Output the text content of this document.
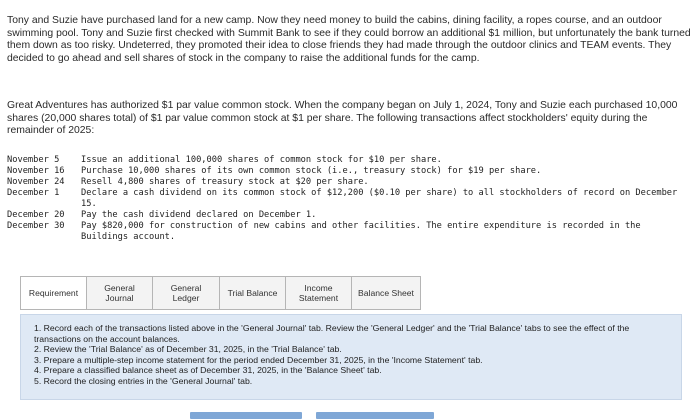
Tony and Suzie have purchased land for a new camp. Now they need money to build the cabins, dining facility, a ropes course, and an outdoor swimming pool. Tony and Suzie first checked with Summit Bank to see if they could borrow an additional $1 million, but unfortunately the bank turned them down as too risky. Undeterred, they promoted their idea to close friends they had made through the outdoor clinics and TEAM events. They decided to go ahead and sell shares of stock in the company to raise the additional funds for the camp.
Great Adventures has authorized $1 par value common stock. When the company began on July 1, 2024, Tony and Suzie each purchased 10,000 shares (20,000 shares total) of $1 par value common stock at $1 per share. The following transactions affect stockholders' equity during the remainder of 2025:
November 5 Issue an additional 100,000 shares of common stock for $10 per share.
November 16 Purchase 10,000 shares of its own common stock (i.e., treasury stock) for $19 per share.
November 24 Resell 4,800 shares of treasury stock at $20 per share.
December 1 Declare a cash dividend on its common stock of $12,200 ($0.10 per share) to all stockholders of record on December 15.
December 20 Pay the cash dividend declared on December 1.
December 30 Pay $820,000 for construction of new cabins and other facilities. The entire expenditure is recorded in the Buildings account.
Requirement	General
Journal
General
Ledger	Trial Balance	Income
Statement Balance Sheet

1. Record each of the transactions listed above in the 'General Journal' tab. Review the 'General Ledger' and the 'Trial Balance' tabs to see the effect of the transactions on the account balances.

2. Review the 'Trial Balance' as of December 31, 2025, in the 'Trial Balance' tab.

3. Prepare a multiple-step income statement for the period ended December 31, 2025, in the 'Income Statement' tab.

4. Prepare a classified balance sheet as of December 31, 2025, in the 'Balance Sheet' tab.

5. Record the closing entries in the 'General Journal' tab.
